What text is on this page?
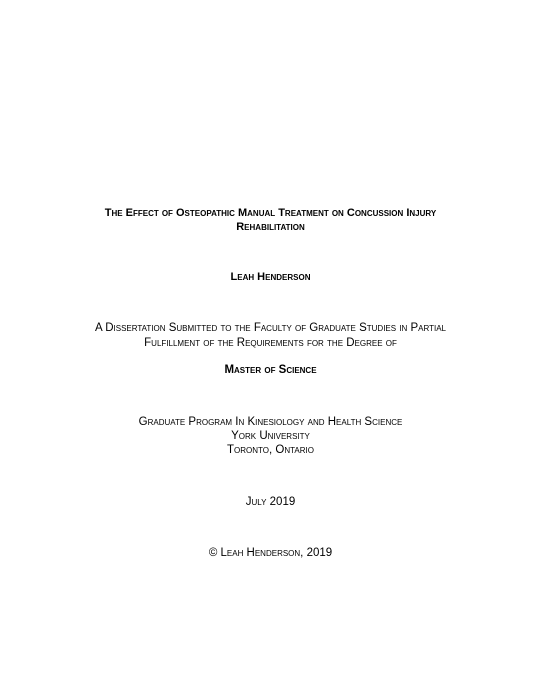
The Effect of Osteopathic Manual Treatment on Concussion Injury
Rehabilitation
Leah Henderson
A Dissertation Submitted to the Faculty of Graduate Studies in Partial
Fulfillment of the Requirements for the Degree of
Master of Science
Graduate Program In Kinesiology and Health Science
York University
Toronto, Ontario
July 2019
© Leah Henderson, 2019
